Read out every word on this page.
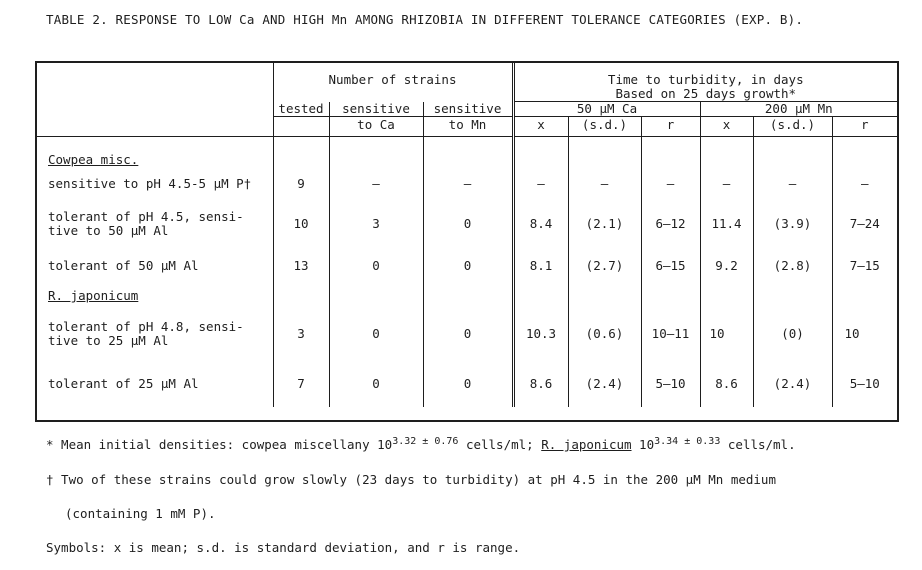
TABLE 2. RESPONSE TO LOW Ca AND HIGH Mn AMONG RHIZOBIA IN DIFFERENT TOLERANCE CATEGORIES (EXP. B).
	Number of strains			Time to turbidity, in days					
				Based on 25 days growth*					
	tested	sensitive	sensitive	50 µM Ca			200 µM Mn		
		to Ca	to Mn	x	(s.d.)	r	x	(s.d.)	r
Cowpea misc.									
sensitive to pH 4.5-5 µM P†	9	–	–	–	–	–	–	–	–
tolerant of pH 4.5, sensi-
tive to 50 µM Al	10	3	0	8.4	(2.1)	6–12	11.4	(3.9)	7–24
tolerant of 50 µM Al	13	0	0	8.1	(2.7)	6–15	9.2	(2.8)	7–15
R. japonicum									
tolerant of pH 4.8, sensi-
tive to 25 µM Al	3	0	0	10.3	(0.6)	10–11	10	(0)	10
tolerant of 25 µM Al	7	0	0	8.6	(2.4)	5–10	8.6	(2.4)	5–10
* Mean initial densities: cowpea miscellany $10^{3.32 \pm 0.76}$ cells/ml; R. japonicum $10^{3.34 \pm 0.33}$ cells/ml.
† Two of these strains could grow slowly (23 days to turbidity) at pH 4.5 in the 200 µM Mn medium
(containing 1 mM P).
Symbols: x is mean; s.d. is standard deviation, and r is range.
